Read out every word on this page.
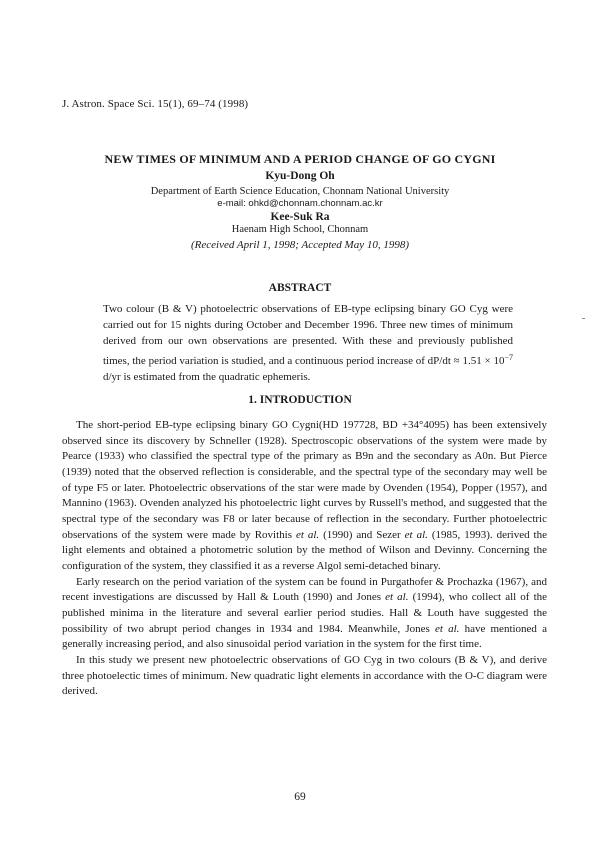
J. Astron. Space Sci. 15(1), 69–74 (1998)
NEW TIMES OF MINIMUM AND A PERIOD CHANGE OF GO CYGNI
Kyu-Dong Oh
Department of Earth Science Education, Chonnam National University
e-mail: ohkd@chonnam.chonnam.ac.kr
Kee-Suk Ra
Haenam High School, Chonnam
(Received April 1, 1998; Accepted May 10, 1998)
ABSTRACT

Two colour (B & V) photoelectric observations of EB-type eclipsing binary GO Cyg were carried out for 15 nights during October and December 1996. Three new times of minimum derived from our own observations are presented. With these and previously published times, the period variation is studied, and a continuous period increase of $dP/dt \approx 1.51 \times 10^{-7}$ d/yr is estimated from the quadratic ephemeris.

1. INTRODUCTION

The short-period EB-type eclipsing binary GO Cygni(HD 197728, BD +34°4095) has been extensively observed since its discovery by Schneller (1928). Spectroscopic observations of the system were made by Pearce (1933) who classified the spectral type of the primary as B9n and the secondary as A0n. But Pierce (1939) noted that the observed reflection is considerable, and the spectral type of the secondary may well be of type F5 or later. Photoelectric observations of the star were made by Ovenden (1954), Popper (1957), and Mannino (1963). Ovenden analyzed his photoelectric light curves by Russell's method, and suggested that the spectral type of the secondary was F8 or later because of reflection in the secondary. Further photoelectric observations of the system were made by Rovithis et al. (1990) and Sezer et al. (1985, 1993). derived the light elements and obtained a photometric solution by the method of Wilson and Devinny. Concerning the configuration of the system, they classified it as a reverse Algol semi-detached binary.

Early research on the period variation of the system can be found in Purgathofer & Prochazka (1967), and recent investigations are discussed by Hall & Louth (1990) and Jones et al. (1994), who collect all of the published minima in the literature and several earlier period studies. Hall & Louth have suggested the possibility of two abrupt period changes in 1934 and 1984. Meanwhile, Jones et al. have mentioned a generally increasing period, and also sinusoidal period variation in the system for the first time.

In this study we present new photoelectric observations of GO Cyg in two colours (B & V), and derive three photoelectic times of minimum. New quadratic light elements in accordance with the O-C diagram were derived.

69
